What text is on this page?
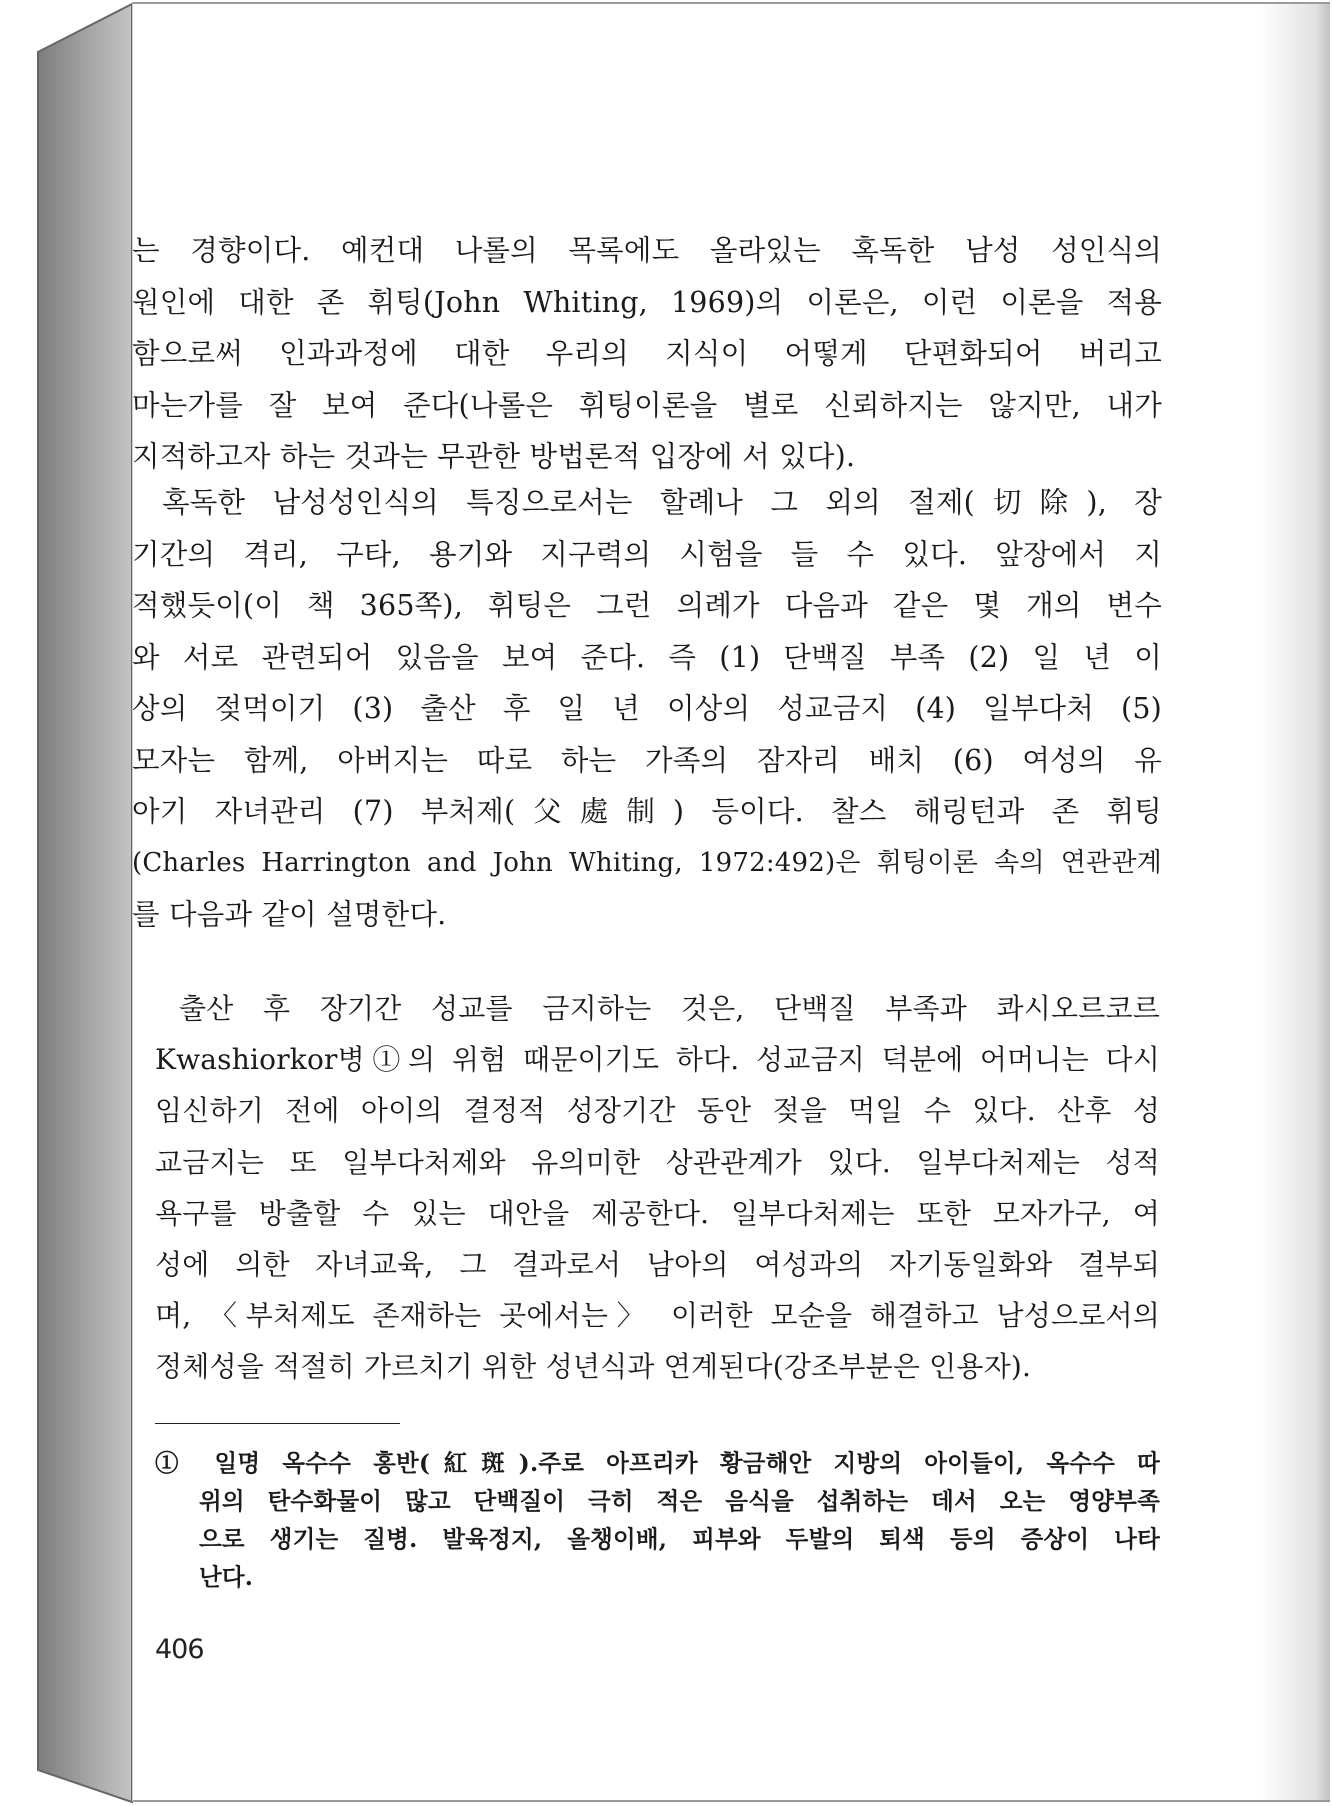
는 경향이다. 예컨대 나롤의 목록에도 올라있는 혹독한 남성 성인식의
원인에 대한 존 휘팅(John Whiting, 1969)의 이론은, 이런 이론을 적용
함으로써 인과과정에 대한 우리의 지식이 어떻게 단편화되어 버리고
마는가를 잘 보여 준다(나롤은 휘팅이론을 별로 신뢰하지는 않지만, 내가
지적하고자 하는 것과는 무관한 방법론적 입장에 서 있다).
혹독한 남성성인식의 특징으로서는 할례나 그 외의 절제(切除), 장
기간의 격리, 구타, 용기와 지구력의 시험을 들 수 있다. 앞장에서 지
적했듯이(이 책 365쪽), 휘팅은 그런 의례가 다음과 같은 몇 개의 변수
와 서로 관련되어 있음을 보여 준다. 즉 (1) 단백질 부족 (2) 일 년 이
상의 젖먹이기 (3) 출산 후 일 년 이상의 성교금지 (4) 일부다처 (5)
모자는 함께, 아버지는 따로 하는 가족의 잠자리 배치 (6) 여성의 유
아기 자녀관리 (7) 부처제(父處制) 등이다. 찰스 해링턴과 존 휘팅
(Charles Harrington and John Whiting, 1972:492)은 휘팅이론 속의 연관관계
를 다음과 같이 설명한다.
출산 후 장기간 성교를 금지하는 것은, 단백질 부족과 콰시오르코르
Kwashiorkor병①의 위험 때문이기도 하다. 성교금지 덕분에 어머니는 다시
임신하기 전에 아이의 결정적 성장기간 동안 젖을 먹일 수 있다. 산후 성
교금지는 또 일부다처제와 유의미한 상관관계가 있다. 일부다처제는 성적
욕구를 방출할 수 있는 대안을 제공한다. 일부다처제는 또한 모자가구, 여
성에 의한 자녀교육, 그 결과로서 남아의 여성과의 자기동일화와 결부되
며, 〈부처제도 존재하는 곳에서는〉 이러한 모순을 해결하고 남성으로서의
정체성을 적절히 가르치기 위한 성년식과 연계된다(강조부분은 인용자).
① 일명 옥수수 홍반(紅斑).주로 아프리카 황금해안 지방의 아이들이, 옥수수 따
위의 탄수화물이 많고 단백질이 극히 적은 음식을 섭취하는 데서 오는 영양부족
으로 생기는 질병. 발육정지, 올챙이배, 피부와 두발의 퇴색 등의 증상이 나타
난다.
406
